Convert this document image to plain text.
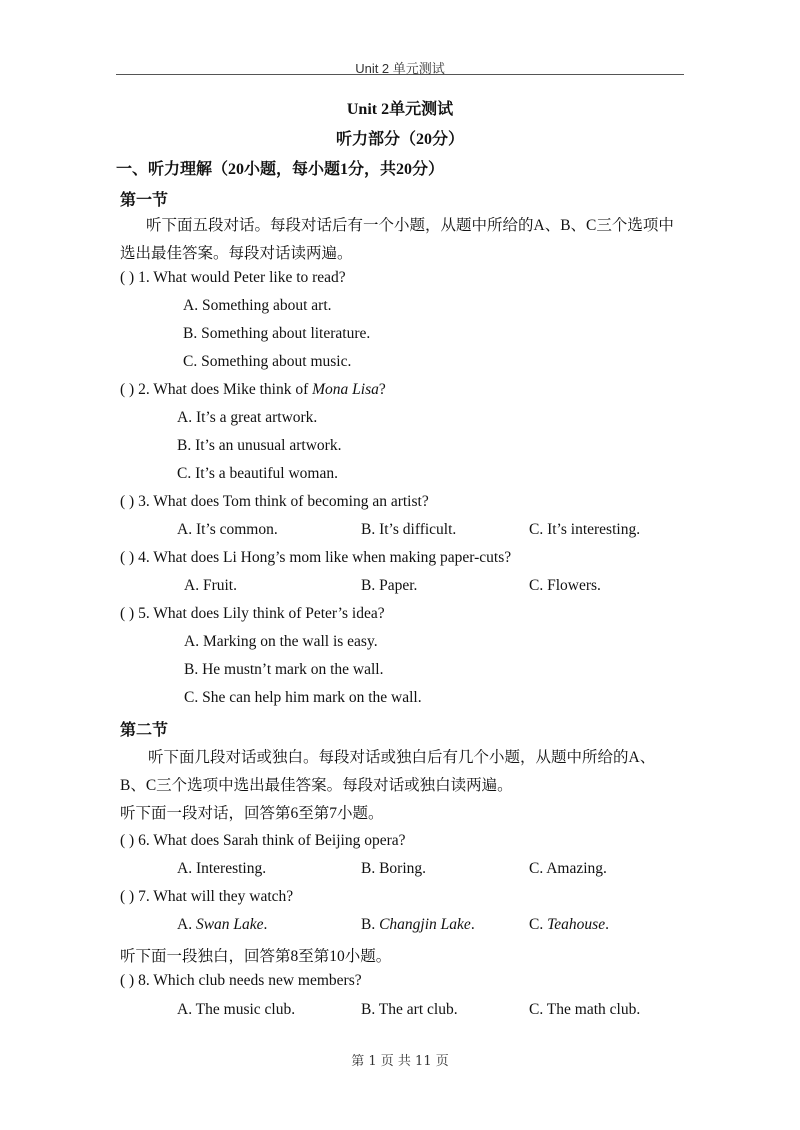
Unit 2 单元测试
Unit 2单元测试
听力部分（20分）
一、听力理解（20小题，每小题1分，共20分）
第一节
听下面五段对话。每段对话后有一个小题，从题中所给的A、B、C三个选项中
选出最佳答案。每段对话读两遍。
( ) 1. What would Peter like to read?
A. Something about art.
B. Something about literature.
C. Something about music.
( ) 2. What does Mike think of Mona Lisa?
A. It’s a great artwork.
B. It’s an unusual artwork.
C. It’s a beautiful woman.
( ) 3. What does Tom think of becoming an artist?
A. It’s common.	B. It’s difficult.	C. It’s interesting.
( ) 4. What does Li Hong’s mom like when making paper-cuts?
A. Fruit.	B. Paper.	C. Flowers.
( ) 5. What does Lily think of Peter’s idea?
A. Marking on the wall is easy.
B. He mustn’t mark on the wall.
C. She can help him mark on the wall.
第二节
听下面几段对话或独白。每段对话或独白后有几个小题，从题中所给的A、
B、C三个选项中选出最佳答案。每段对话或独白读两遍。
听下面一段对话，回答第6至第7小题。
( ) 6. What does Sarah think of Beijing opera?
A. Interesting.	B. Boring.	C. Amazing.
( ) 7. What will they watch?
A. Swan Lake.	B. Changjin Lake.	C. Teahouse.
听下面一段独白，回答第8至第10小题。
( ) 8. Which club needs new members?
A. The music club.	B. The art club.	C. The math club.
第 1 页 共 11 页
